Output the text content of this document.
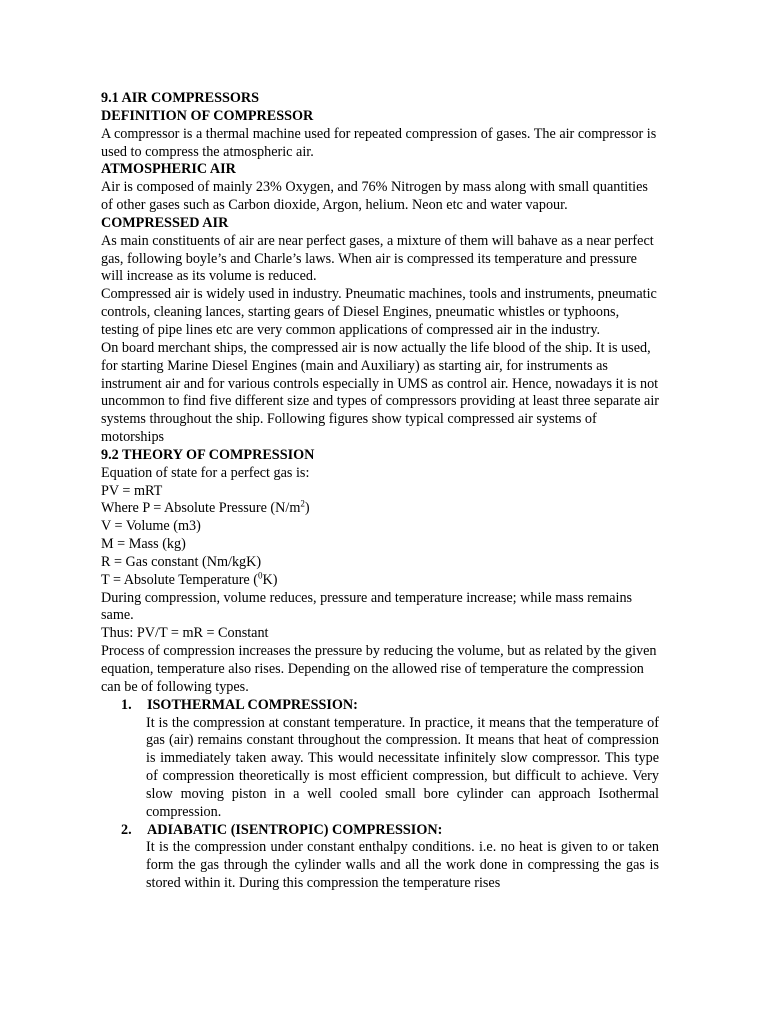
9.1 AIR COMPRESSORS
DEFINITION OF COMPRESSOR

A compressor is a thermal machine used for repeated compression of gases. The air compressor is used to compress the atmospheric air.

ATMOSPHERIC AIR

Air is composed of mainly 23% Oxygen, and 76% Nitrogen by mass along with small quantities of other gases such as Carbon dioxide, Argon, helium. Neon etc and water vapour.

COMPRESSED AIR

As main constituents of air are near perfect gases, a mixture of them will bahave as a near perfect gas, following boyle’s and Charle’s laws. When air is compressed its temperature and pressure will increase as its volume is reduced.

Compressed air is widely used in industry. Pneumatic machines, tools and instruments, pneumatic controls, cleaning lances, starting gears of Diesel Engines, pneumatic whistles or typhoons, testing of pipe lines etc are very common applications of compressed air in the industry.

On board merchant ships, the compressed air is now actually the life blood of the ship. It is used, for starting Marine Diesel Engines (main and Auxiliary) as starting air, for instruments as instrument air and for various controls especially in UMS as control air. Hence, nowadays it is not uncommon to find five different size and types of compressors providing at least three separate air systems throughout the ship. Following figures show typical compressed air systems of motorships

9.2 THEORY OF COMPRESSION

Equation of state for a perfect gas is:

PV = mRT

Where P = Absolute Pressure $(N/m^2)$

V = Volume (m3)

M = Mass (kg)

R = Gas constant (Nm/kgK)

T = Absolute Temperature ($^0$K)

During compression, volume reduces, pressure and temperature increase; while mass remains same.

Thus: PV/T = mR = Constant

Process of compression increases the pressure by reducing the volume, but as related by the given equation, temperature also rises. Depending on the allowed rise of temperature the compression can be of following types.

1.	ISOTHERMAL COMPRESSION:

It is the compression at constant temperature. In practice, it means that the temperature of gas (air) remains constant throughout the compression. It means that heat of compression is immediately taken away. This would necessitate infinitely slow compressor. This type of compression theoretically is most efficient compression, but difficult to achieve. Very slow moving piston in a well cooled small bore cylinder can approach Isothermal compression.

2.	ADIABATIC (ISENTROPIC) COMPRESSION:

It is the compression under constant enthalpy conditions. i.e. no heat is given to or taken form the gas through the cylinder walls and all the work done in compressing the gas is stored within it. During this compression the temperature rises
